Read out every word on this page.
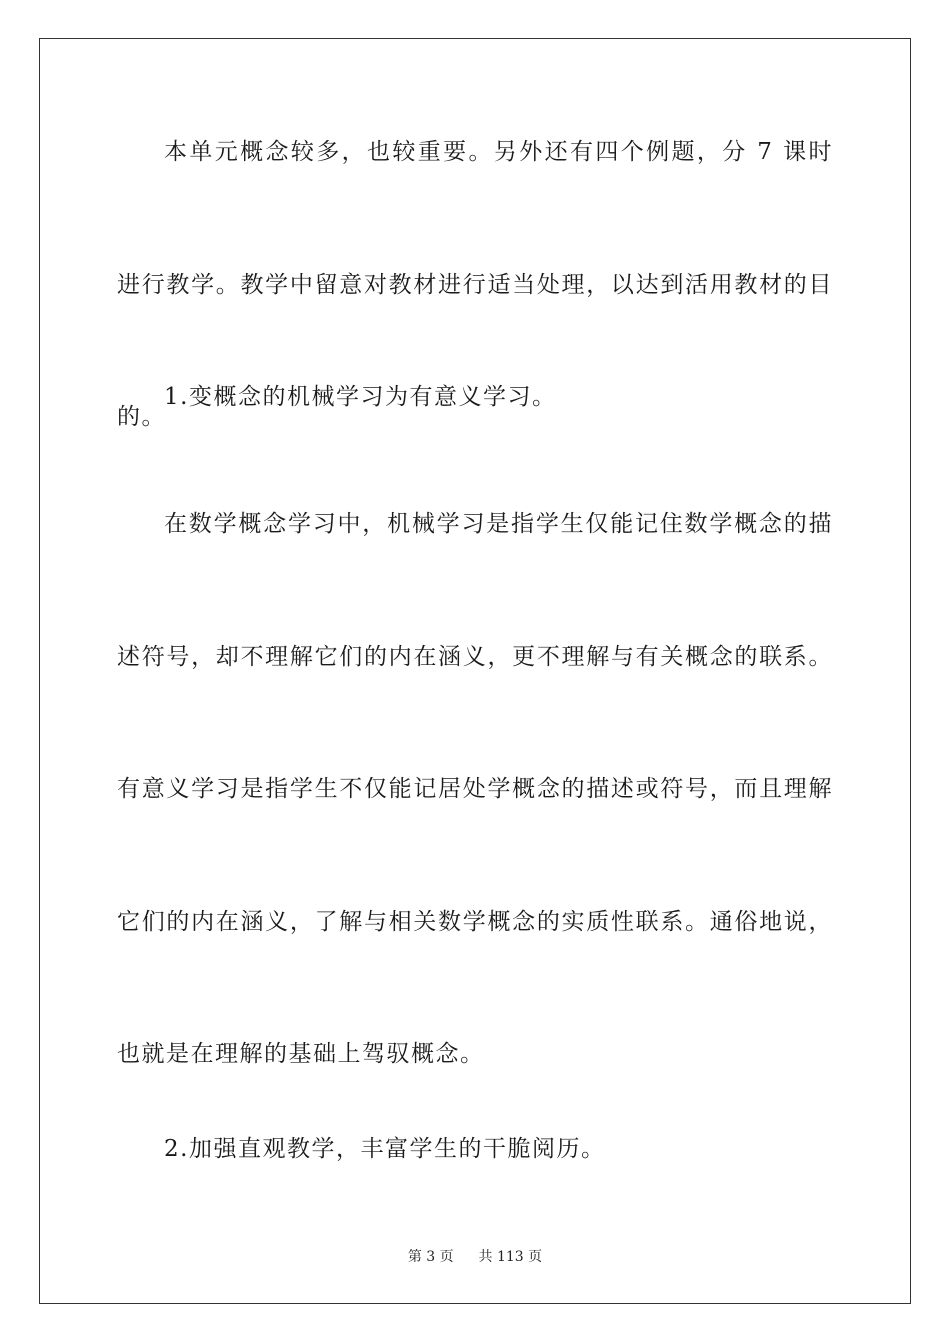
本单元概念较多，也较重要。另外还有四个例题，分 7 课时进行教学。教学中留意对教材进行适当处理，以达到活用教材的目的。

1.变概念的机械学习为有意义学习。

在数学概念学习中，机械学习是指学生仅能记住数学概念的描述符号，却不理解它们的内在涵义，更不理解与有关概念的联系。有意义学习是指学生不仅能记居处学概念的描述或符号，而且理解它们的内在涵义，了解与相关数学概念的实质性联系。通俗地说，也就是在理解的基础上驾驭概念。

2.加强直观教学，丰富学生的干脆阅历。

第 3 页 共 113 页
